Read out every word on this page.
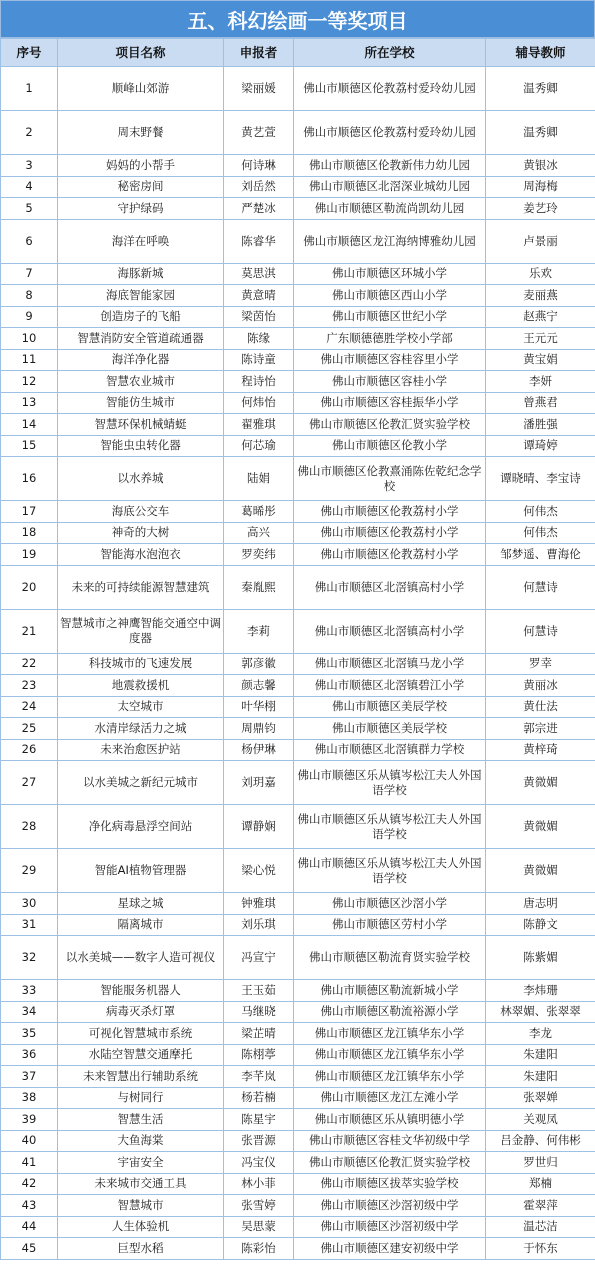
五、科幻绘画一等奖项目
序号	项目名称	申报者	所在学校	辅导教师
1	顺峰山郊游	梁丽媛	佛山市顺德区伦教荔村爱玲幼儿园	温秀卿
2	周末野餐	黄艺萱	佛山市顺德区伦教荔村爱玲幼儿园	温秀卿
3	妈妈的小帮手	何诗琳	佛山市顺德区伦教新伟力幼儿园	黄银冰
4	秘密房间	刘岳然	佛山市顺德区北滘深业城幼儿园	周海梅
5	守护绿码	严楚冰	佛山市顺德区勒流尚凯幼儿园	姜艺玲
6	海洋在呼唤	陈睿华	佛山市顺德区龙江海纳博雅幼儿园	卢景丽
7	海豚新城	莫思淇	佛山市顺德区环城小学	乐欢
8	海底智能家园	黄意晴	佛山市顺德区西山小学	麦丽燕
9	创造房子的飞船	梁茵怡	佛山市顺德区世纪小学	赵燕宁
10	智慧消防安全管道疏通器	陈缘	广东顺德德胜学校小学部	王元元
11	海洋净化器	陈诗童	佛山市顺德区容桂容里小学	黄宝娟
12	智慧农业城市	程诗怡	佛山市顺德区容桂小学	李妍
13	智能仿生城市	何炜怡	佛山市顺德区容桂振华小学	曾燕君
14	智慧环保机械蜻蜓	翟雅琪	佛山市顺德区伦教汇贤实验学校	潘胜强
15	智能虫虫转化器	何芯瑜	佛山市顺德区伦教小学	谭琦婷
16	以水养城	陆娟	佛山市顺德区伦教熹涌陈佐乾纪念学校	谭晓晴、李宝诗
17	海底公交车	葛晞彤	佛山市顺德区伦教荔村小学	何伟杰
18	神奇的大树	高兴	佛山市顺德区伦教荔村小学	何伟杰
19	智能海水泡泡衣	罗奕纬	佛山市顺德区伦教荔村小学	邹梦遥、曹海伦
20	未来的可持续能源智慧建筑	秦胤熙	佛山市顺德区北滘镇高村小学	何慧诗
21	智慧城市之神鹰智能交通空中调度器	李莉	佛山市顺德区北滘镇高村小学	何慧诗
22	科技城市的飞速发展	郭彦徽	佛山市顺德区北滘镇马龙小学	罗幸
23	地震救援机	颜志馨	佛山市顺德区北滘镇碧江小学	黄丽冰
24	太空城市	叶华栩	佛山市顺德区美辰学校	黄仕法
25	水清岸绿活力之城	周鼎钧	佛山市顺德区美辰学校	郭宗进
26	未来治愈医护站	杨伊琳	佛山市顺德区北滘镇群力学校	黄梓琦
27	以水美城之新纪元城市	刘玥嘉	佛山市顺德区乐从镇岑松江夫人外国语学校	黄微媚
28	净化病毒悬浮空间站	谭静娴	佛山市顺德区乐从镇岑松江夫人外国语学校	黄微媚
29	智能AI植物管理器	梁心悦	佛山市顺德区乐从镇岑松江夫人外国语学校	黄微媚
30	星球之城	钟雅琪	佛山市顺德区沙滘小学	唐志明
31	隔离城市	刘乐琪	佛山市顺德区劳村小学	陈静文
32	以水美城——数字人造可视仪	冯宣宁	佛山市顺德区勒流育贤实验学校	陈紫媚
33	智能服务机器人	王玉茹	佛山市顺德区勒流新城小学	李炜珊
34	病毒灭杀灯罩	马继晓	佛山市顺德区勒流裕源小学	林翠媚、张翠翠
35	可视化智慧城市系统	梁芷晴	佛山市顺德区龙江镇华东小学	李龙
36	水陆空智慧交通摩托	陈栩葶	佛山市顺德区龙江镇华东小学	朱建阳
37	未来智慧出行辅助系统	李芊岚	佛山市顺德区龙江镇华东小学	朱建阳
38	与树同行	杨若楠	佛山市顺德区龙江左滩小学	张翠婵
39	智慧生活	陈星宇	佛山市顺德区乐从镇明德小学	关观凤
40	大鱼海棠	张晋源	佛山市顺德区容桂文华初级中学	吕金静、何伟彬
41	宇宙安全	冯宝仪	佛山市顺德区伦教汇贤实验学校	罗世归
42	未来城市交通工具	林小菲	佛山市顺德区拔萃实验学校	郑楠
43	智慧城市	张雪婷	佛山市顺德区沙滘初级中学	霍翠萍
44	人生体验机	吴思蒙	佛山市顺德区沙滘初级中学	温芯洁
45	巨型水稻	陈彩怡	佛山市顺德区建安初级中学	于怀东
